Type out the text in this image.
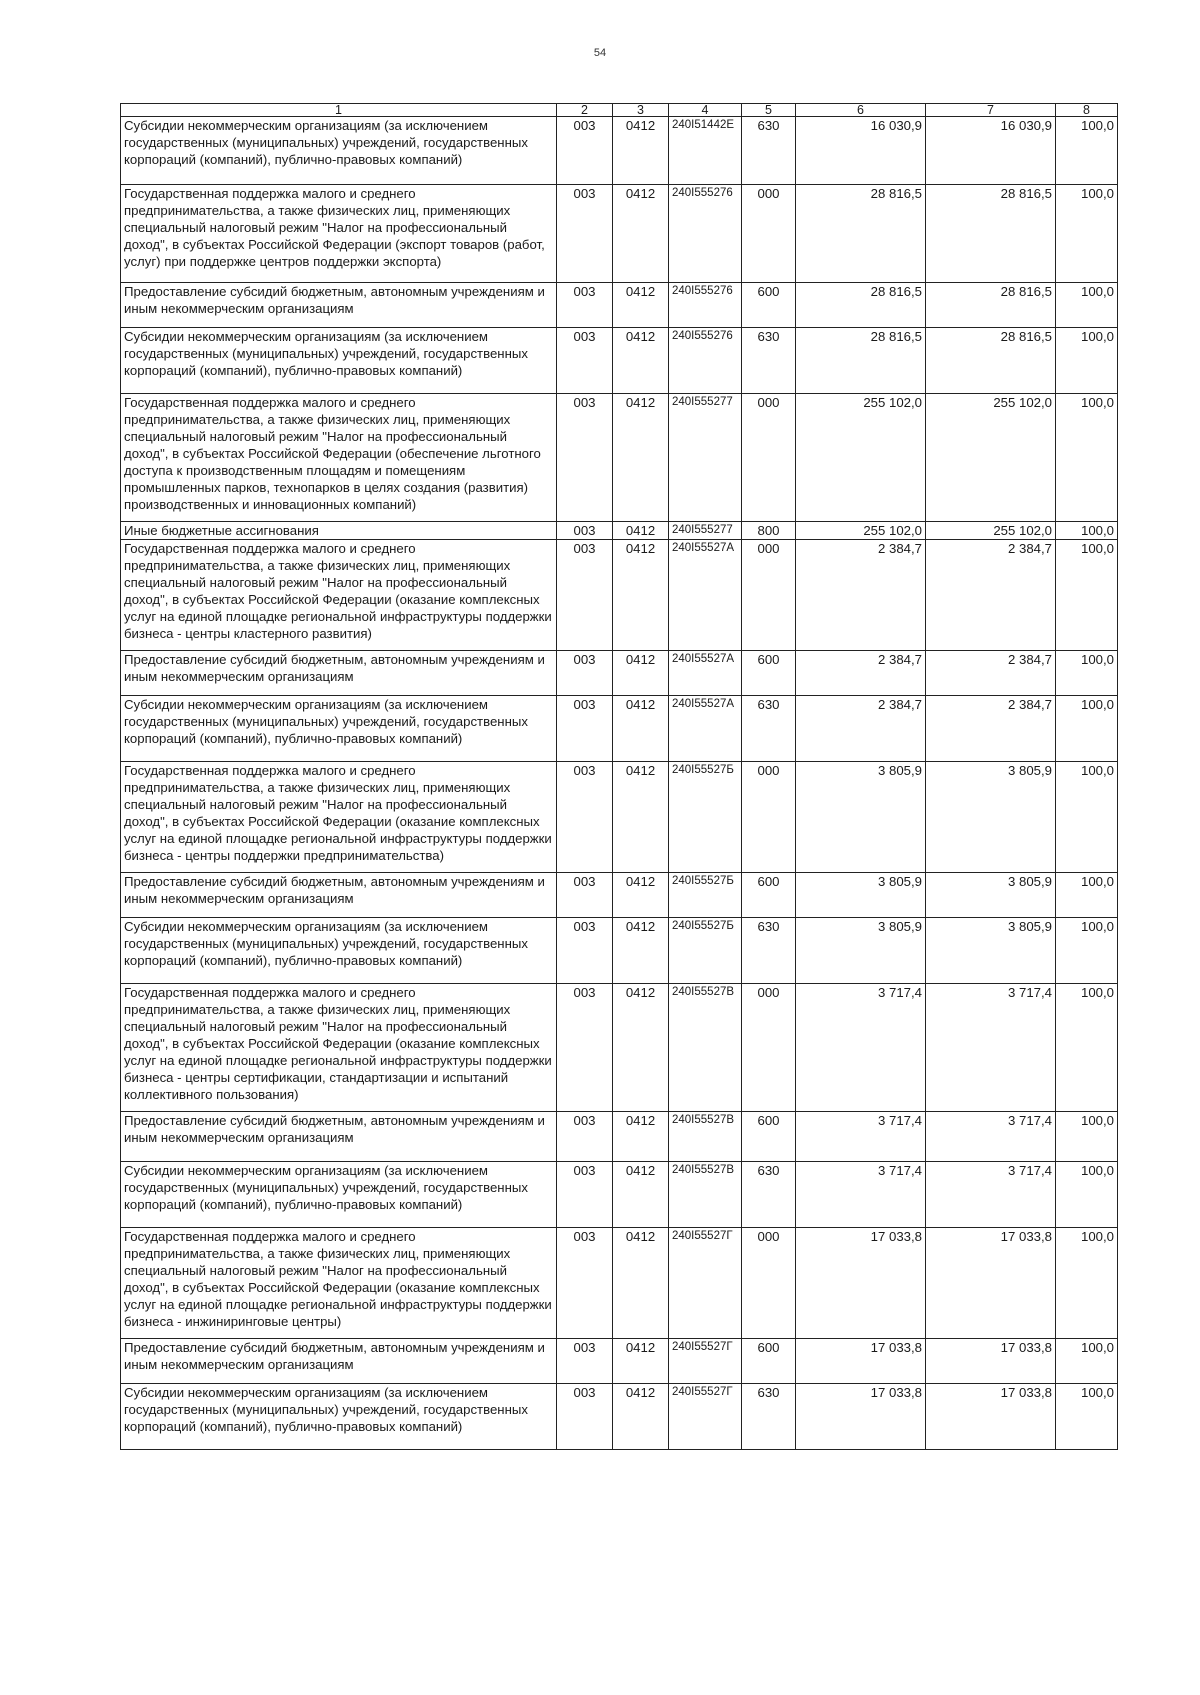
54
1	2	3	4	5	6	7	8
Субсидии некоммерческим организациям (за исключением государственных (муниципальных) учреждений, государственных корпораций (компаний), публично-правовых компаний)	003	0412	240I51442E	630	16 030,9	16 030,9	100,0
Государственная поддержка малого и среднего предпринимательства, а также физических лиц, применяющих специальный налоговый режим "Налог на профессиональный доход", в субъектах Российской Федерации (экспорт товаров (работ, услуг) при поддержке центров поддержки экспорта)	003	0412	240I555276	000	28 816,5	28 816,5	100,0
Предоставление субсидий бюджетным, автономным учреждениям и иным некоммерческим организациям	003	0412	240I555276	600	28 816,5	28 816,5	100,0
Субсидии некоммерческим организациям (за исключением государственных (муниципальных) учреждений, государственных корпораций (компаний), публично-правовых компаний)	003	0412	240I555276	630	28 816,5	28 816,5	100,0
Государственная поддержка малого и среднего предпринимательства, а также физических лиц, применяющих специальный налоговый режим "Налог на профессиональный доход", в субъектах Российской Федерации (обеспечение льготного доступа к производственным площадям и помещениям промышленных парков, технопарков в целях создания (развития) производственных и инновационных компаний)	003	0412	240I555277	000	255 102,0	255 102,0	100,0
Иные бюджетные ассигнования	003	0412	240I555277	800	255 102,0	255 102,0	100,0
Государственная поддержка малого и среднего предпринимательства, а также физических лиц, применяющих специальный налоговый режим "Налог на профессиональный доход", в субъектах Российской Федерации (оказание комплексных услуг на единой площадке региональной инфраструктуры поддержки бизнеса - центры кластерного развития)	003	0412	240I55527А	000	2 384,7	2 384,7	100,0
Предоставление субсидий бюджетным, автономным учреждениям и иным некоммерческим организациям	003	0412	240I55527А	600	2 384,7	2 384,7	100,0
Субсидии некоммерческим организациям (за исключением государственных (муниципальных) учреждений, государственных корпораций (компаний), публично-правовых компаний)	003	0412	240I55527А	630	2 384,7	2 384,7	100,0
Государственная поддержка малого и среднего предпринимательства, а также физических лиц, применяющих специальный налоговый режим "Налог на профессиональный доход", в субъектах Российской Федерации (оказание комплексных услуг на единой площадке региональной инфраструктуры поддержки бизнеса - центры поддержки предпринимательства)	003	0412	240I55527Б	000	3 805,9	3 805,9	100,0
Предоставление субсидий бюджетным, автономным учреждениям и иным некоммерческим организациям	003	0412	240I55527Б	600	3 805,9	3 805,9	100,0
Субсидии некоммерческим организациям (за исключением государственных (муниципальных) учреждений, государственных корпораций (компаний), публично-правовых компаний)	003	0412	240I55527Б	630	3 805,9	3 805,9	100,0
Государственная поддержка малого и среднего предпринимательства, а также физических лиц, применяющих специальный налоговый режим "Налог на профессиональный доход", в субъектах Российской Федерации (оказание комплексных услуг на единой площадке региональной инфраструктуры поддержки бизнеса - центры сертификации, стандартизации и испытаний коллективного пользования)	003	0412	240I55527В	000	3 717,4	3 717,4	100,0
Предоставление субсидий бюджетным, автономным учреждениям и иным некоммерческим организациям	003	0412	240I55527В	600	3 717,4	3 717,4	100,0
Субсидии некоммерческим организациям (за исключением государственных (муниципальных) учреждений, государственных корпораций (компаний), публично-правовых компаний)	003	0412	240I55527В	630	3 717,4	3 717,4	100,0
Государственная поддержка малого и среднего предпринимательства, а также физических лиц, применяющих специальный налоговый режим "Налог на профессиональный доход", в субъектах Российской Федерации (оказание комплексных услуг на единой площадке региональной инфраструктуры поддержки бизнеса - инжиниринговые центры)	003	0412	240I55527Г	000	17 033,8	17 033,8	100,0
Предоставление субсидий бюджетным, автономным учреждениям и иным некоммерческим организациям	003	0412	240I55527Г	600	17 033,8	17 033,8	100,0
Субсидии некоммерческим организациям (за исключением государственных (муниципальных) учреждений, государственных корпораций (компаний), публично-правовых компаний)	003	0412	240I55527Г	630	17 033,8	17 033,8	100,0
